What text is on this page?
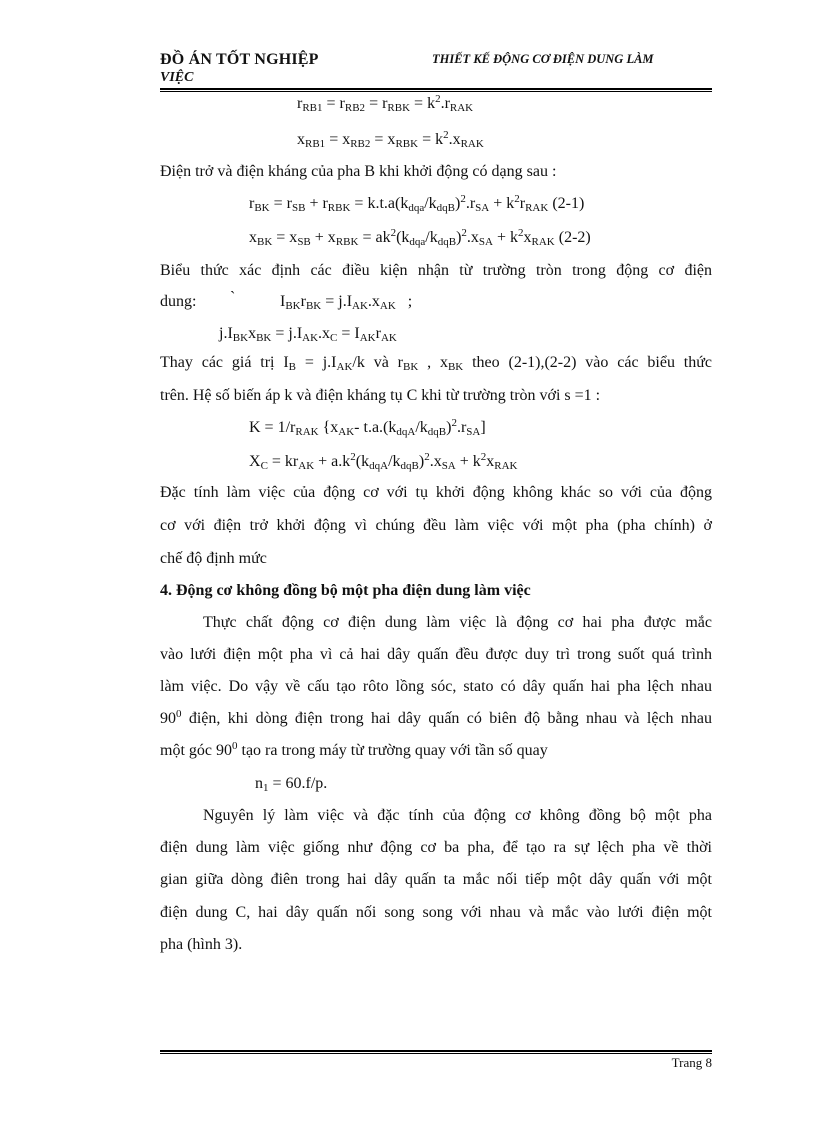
ĐỒ ÁN TỐT NGHIỆP
VIỆC
THIẾT KẾ ĐỘNG CƠ ĐIỆN DUNG LÀM
$r_{RB1} = r_{RB2} = r_{RBK} = k^2.r_{RAK}$
$x_{RB1} = x_{RB2} = x_{RBK} = k^2.x_{RAK}$
Điện trở và điện kháng của pha B khi khởi động có dạng sau :
$r_{BK} = r_{SB} + r_{RBK} = k.t.a(k_{dqa}/k_{dqB})^2.r_{SA} + k^2r_{RAK}$ (2-1)
$x_{BK} = x_{SB} + x_{RBK} = ak^2(k_{dqa}/k_{dqB})^2.x_{SA} + k^2x_{RAK}$ (2-2)
Biểu thức xác định các điều kiện nhận từ trường tròn trong động cơ điện
dung: `	$I_{BK}r_{BK} = j.I_{AK}.x_{AK}$   ;
$j.I_{BK}x_{BK} = j.I_{AK}.x_C = I_{AK}r_{AK}$
Thay các giá trị $I_B = j.I_{AK}/k$ và $r_{BK}$ , $x_{BK}$ theo (2-1),(2-2) vào các biểu thức
trên. Hệ số biến áp k và điện kháng tụ C khi từ trường tròn với s =1 :
$K = 1/r_{RAK}$ {$x_{AK}-$ $t.a.(k_{dqA}/k_{dqB})^2.r_{SA}$]
$X_C = kr_{AK} + a.k^2(k_{dqA}/k_{dqB})^2.x_{SA} + k^2x_{RAK}$
Đặc tính làm việc của động cơ với tụ khởi động không khác so với của động
cơ với điện trở khởi động vì chúng đều làm việc với một pha (pha chính) ở
chế độ định mức
4. Động cơ không đồng bộ một pha điện dung làm việc
Thực chất động cơ điện dung làm việc là động cơ hai pha được mắc
vào lưới điện một pha vì cả hai dây quấn đều được duy trì trong suốt quá trình
làm việc. Do vậy về cấu tạo rôto lồng sóc, stato có dây quấn hai pha lệch nhau
$90^0$ điện, khi dòng điện trong hai dây quấn có biên độ bằng nhau và lệch nhau
một góc $90^0$ tạo ra trong máy từ trường quay với tần số quay
$n_1 = 60.f/p$.
Nguyên lý làm việc và đặc tính của động cơ không đồng bộ một pha
điện dung làm việc giống như động cơ ba pha, để tạo ra sự lệch pha về thời
gian giữa dòng điên trong hai dây quấn ta mắc nối tiếp một dây quấn với một
điện dung C, hai dây quấn nối song song với nhau và mắc vào lưới điện một
pha (hình 3).
Trang 8
